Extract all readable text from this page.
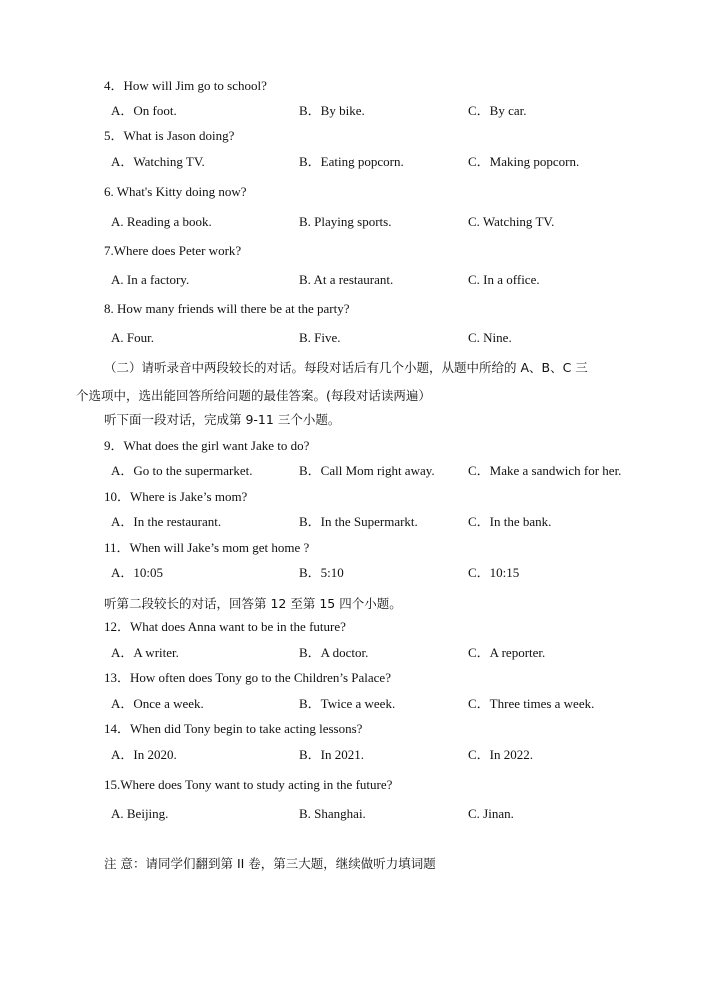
4．How will Jim go to school?
A．On foot.	B．By bike.	C．By car.
5．What is Jason doing?
A．Watching TV.	B．Eating popcorn.	C．Making popcorn.
6. What's Kitty doing now?
A. Reading a book.	B. Playing sports.	C. Watching TV.
7.Where does Peter work?
A. In a factory.	B. At a restaurant.	C. In a office.
8. How many friends will there be at the party?
A. Four.	B. Five.	C. Nine.
（二）请听录音中两段较长的对话。每段对话后有几个小题，从题中所给的 A、B、C 三
个选项中，选出能回答所给问题的最佳答案。(每段对话读两遍）
听下面一段对话，完成第 9-11 三个小题。
9．What does the girl want Jake to do?
A．Go to the supermarket.	B．Call Mom right away.	C．Make a sandwich for her.
10．Where is Jake’s mom?
A．In the restaurant.	B．In the Supermarkt.	C．In the bank.
11．When will Jake’s mom get home ?
A．10:05	B．5:10	C．10:15
听第二段较长的对话，回答第 12 至第 15 四个小题。
12．What does Anna want to be in the future?
A．A writer.	B．A doctor.	C．A reporter.
13．How often does Tony go to the Children’s Palace?
A．Once a week.	B．Twice a week.	C．Three times a week.
14．When did Tony begin to take acting lessons?
A．In 2020.	B．In 2021.	C．In 2022.
15.Where does Tony want to study acting in the future?
A. Beijing.	B. Shanghai.	C. Jinan.
注 意：请同学们翻到第 II 卷，第三大题，继续做听力填词题
